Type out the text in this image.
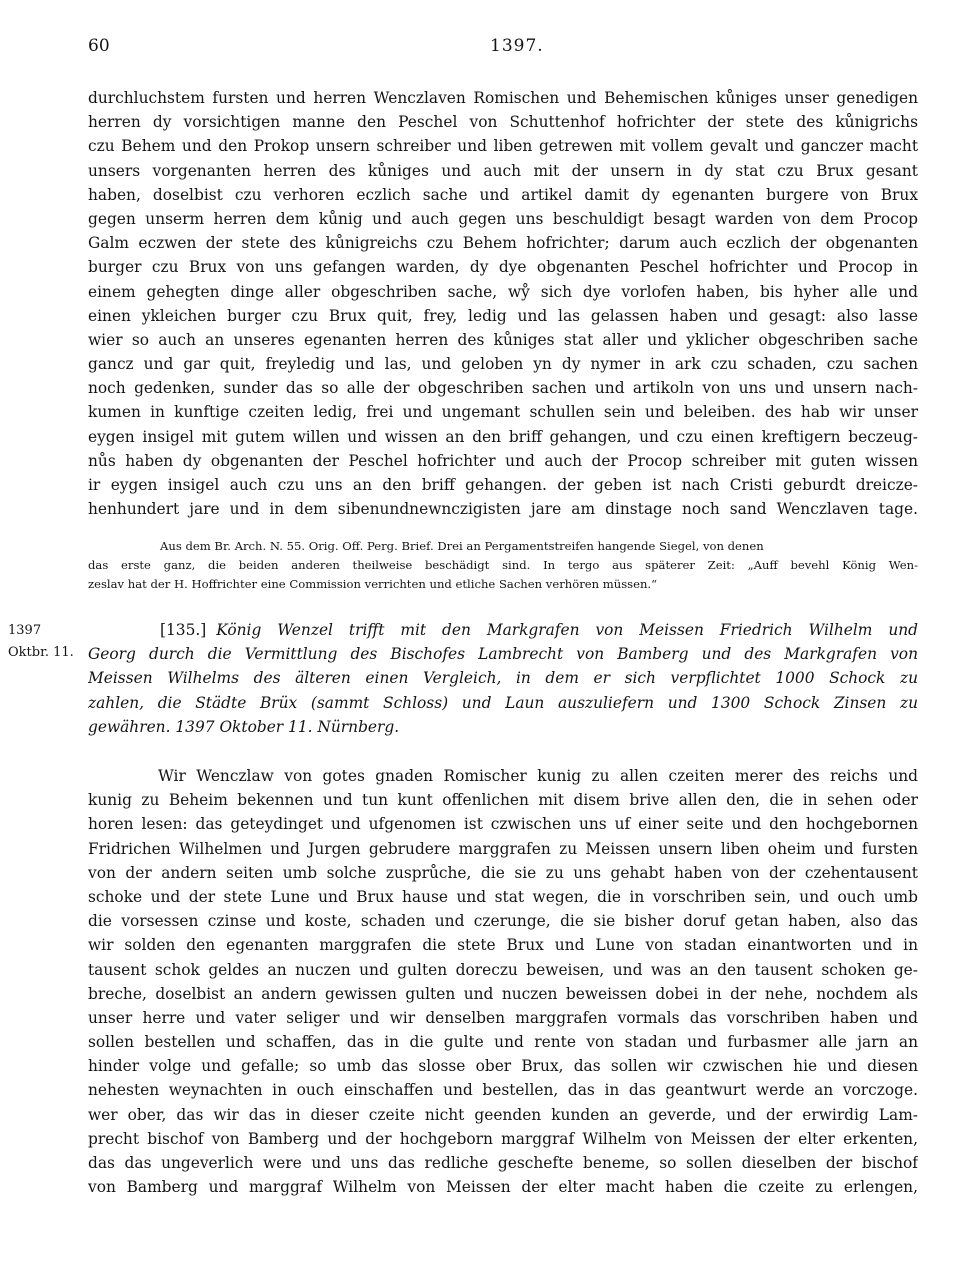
60	1397.
durchluchstem fursten und herren Wenczlaven Romischen und Behemischen kůniges unser genedigen
herren dy vorsichtigen manne den Peschel von Schuttenhof hofrichter der stete des kůnigrichs
czu Behem und den Prokop unsern schreiber und liben getrewen mit vollem gevalt und ganczer macht
unsers vorgenanten herren des kůniges und auch mit der unsern in dy stat czu Brux gesant
haben, doselbist czu verhoren eczlich sache und artikel damit dy egenanten burgere von Brux
gegen unserm herren dem kůnig und auch gegen uns beschuldigt besagt warden von dem Procop
Galm eczwen der stete des kůnigreichs czu Behem hofrichter; darum auch eczlich der obgenanten
burger czu Brux von uns gefangen warden, dy dye obgenanten Peschel hofrichter und Procop in
einem gehegten dinge aller obgeschriben sache, wẙ sich dye vorlofen haben, bis hyher alle und
einen ykleichen burger czu Brux quit, frey, ledig und las gelassen haben und gesagt: also lasse
wier so auch an unseres egenanten herren des kůniges stat aller und yklicher obgeschriben sache
gancz und gar quit, freyledig und las, und geloben yn dy nymer in ark czu schaden, czu sachen
noch gedenken, sunder das so alle der obgeschriben sachen und artikoln von uns und unsern nach-
kumen in kunftige czeiten ledig, frei und ungemant schullen sein und beleiben. des hab wir unser
eygen insigel mit gutem willen und wissen an den briff gehangen, und czu einen kreftigern beczeug-
nůs haben dy obgenanten der Peschel hofrichter und auch der Procop schreiber mit guten wissen
ir eygen insigel auch czu uns an den briff gehangen. der geben ist nach Cristi geburdt dreicze-
henhundert jare und in dem sibenundnewnczigisten jare am dinstage noch sand Wenczlaven tage.
Aus dem Br. Arch. N. 55. Orig. Off. Perg. Brief. Drei an Pergamentstreifen hangende Siegel, von denen
das erste ganz, die beiden anderen theilweise beschädigt sind. In tergo aus späterer Zeit: „Auff bevehl König Wen-
zeslav hat der H. Hoffrichter eine Commission verrichten und etliche Sachen verhören müssen.“
1397
Oktbr. 11.
[135.] König Wenzel trifft mit den Markgrafen von Meissen Friedrich Wilhelm und
Georg durch die Vermittlung des Bischofes Lambrecht von Bamberg und des Markgrafen von
Meissen Wilhelms des älteren einen Vergleich, in dem er sich verpflichtet 1000 Schock zu
zahlen, die Städte Brüx (sammt Schloss) und Laun auszuliefern und 1300 Schock Zinsen zu
gewähren. 1397 Oktober 11. Nürnberg.
Wir Wenczlaw von gotes gnaden Romischer kunig zu allen czeiten merer des reichs und
kunig zu Beheim bekennen und tun kunt offenlichen mit disem brive allen den, die in sehen oder
horen lesen: das geteydinget und ufgenomen ist czwischen uns uf einer seite und den hochgebornen
Fridrichen Wilhelmen und Jurgen gebrudere marggrafen zu Meissen unsern liben oheim und fursten
von der andern seiten umb solche zusprůche, die sie zu uns gehabt haben von der czehentausent
schoke und der stete Lune und Brux hause und stat wegen, die in vorschriben sein, und ouch umb
die vorsessen czinse und koste, schaden und czerunge, die sie bisher doruf getan haben, also das
wir solden den egenanten marggrafen die stete Brux und Lune von stadan einantworten und in
tausent schok geldes an nuczen und gulten doreczu beweisen, und was an den tausent schoken ge-
breche, doselbist an andern gewissen gulten und nuczen beweissen dobei in der nehe, nochdem als
unser herre und vater seliger und wir denselben marggrafen vormals das vorschriben haben und
sollen bestellen und schaffen, das in die gulte und rente von stadan und furbasmer alle jarn an
hinder volge und gefalle; so umb das slosse ober Brux, das sollen wir czwischen hie und diesen
nehesten weynachten in ouch einschaffen und bestellen, das in das geantwurt werde an vorczoge.
wer ober, das wir das in dieser czeite nicht geenden kunden an geverde, und der erwirdig Lam-
precht bischof von Bamberg und der hochgeborn marggraf Wilhelm von Meissen der elter erkenten,
das das ungeverlich were und uns das redliche geschefte beneme, so sollen dieselben der bischof
von Bamberg und marggraf Wilhelm von Meissen der elter macht haben die czeite zu erlengen,
